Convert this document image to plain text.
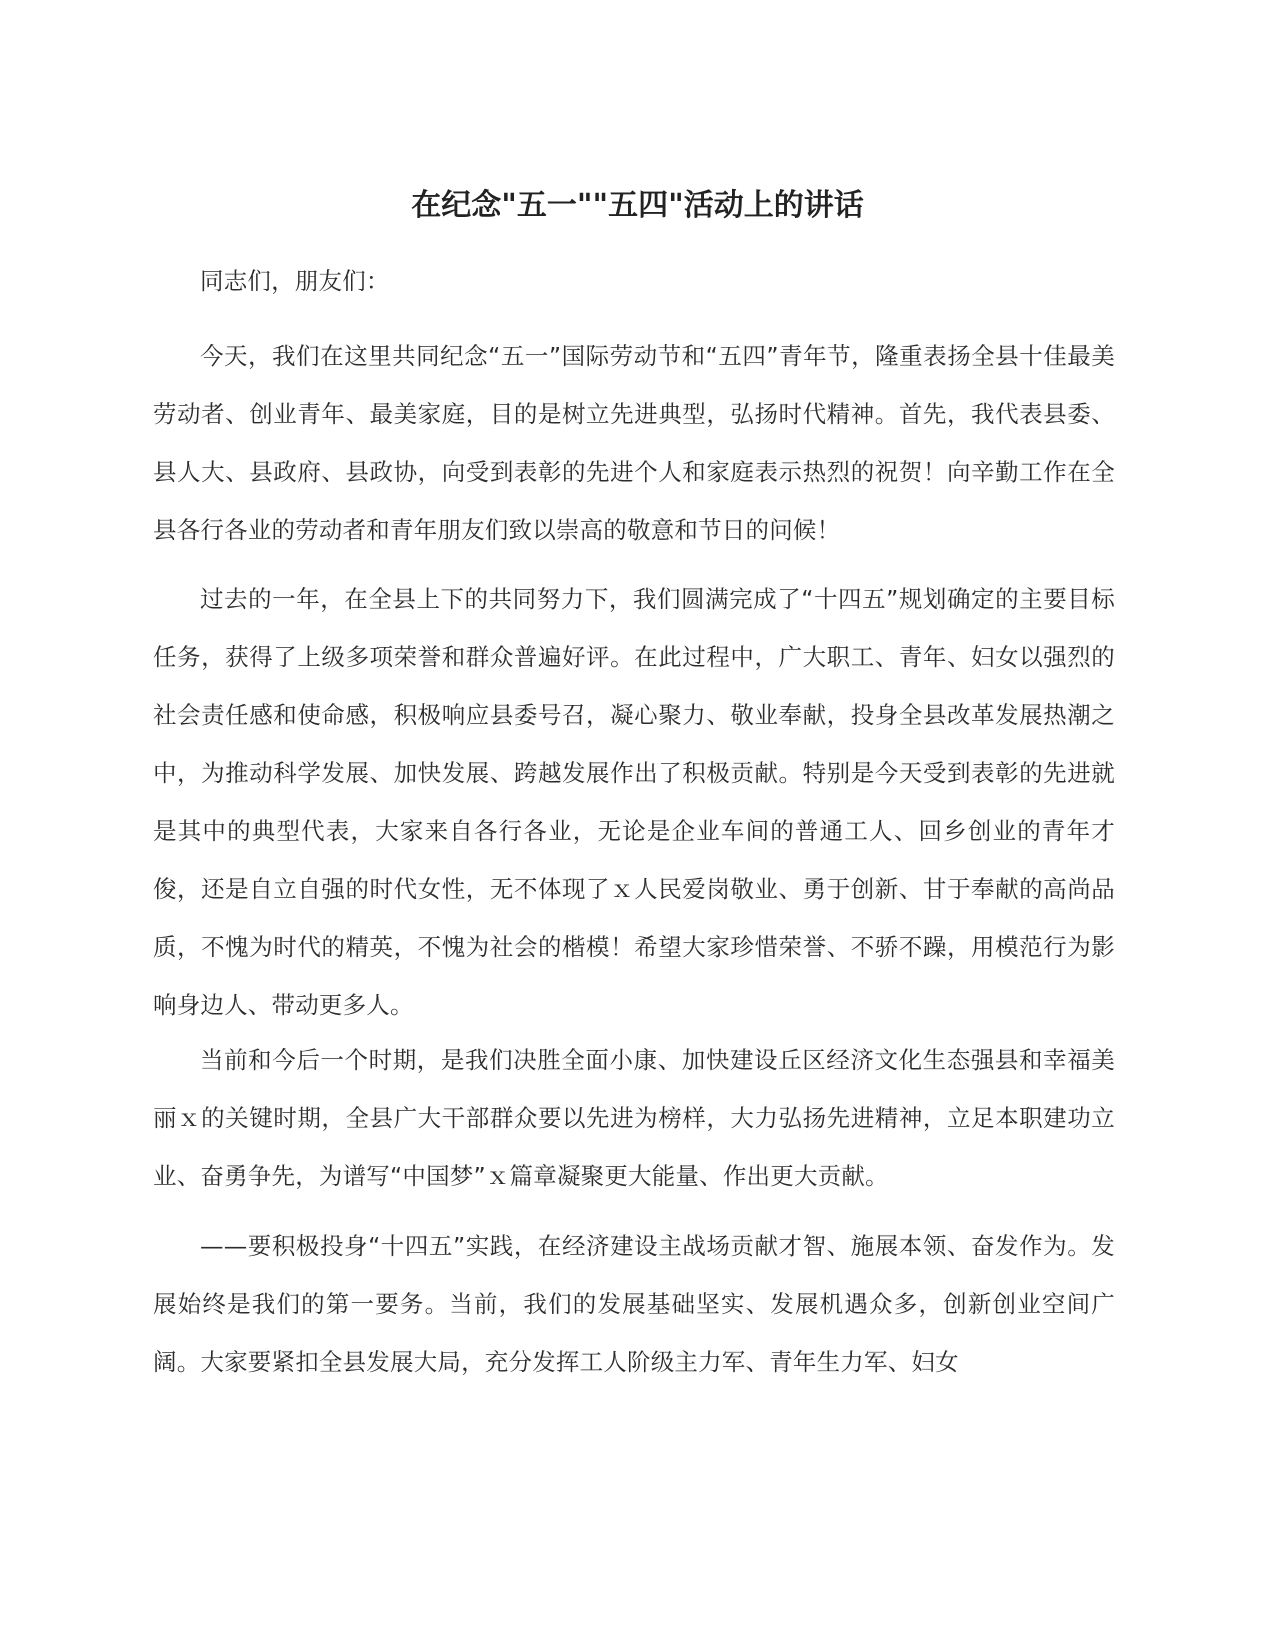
在纪念"五一""五四"活动上的讲话

同志们，朋友们：

今天，我们在这里共同纪念“五一”国际劳动节和“五四”青年节，隆重表扬全县十佳最美劳动者、创业青年、最美家庭，目的是树立先进典型，弘扬时代精神。首先，我代表县委、县人大、县政府、县政协，向受到表彰的先进个人和家庭表示热烈的祝贺！向辛勤工作在全县各行各业的劳动者和青年朋友们致以崇高的敬意和节日的问候！

过去的一年，在全县上下的共同努力下，我们圆满完成了“十四五”规划确定的主要目标任务，获得了上级多项荣誉和群众普遍好评。在此过程中，广大职工、青年、妇女以强烈的社会责任感和使命感，积极响应县委号召，凝心聚力、敬业奉献，投身全县改革发展热潮之中，为推动科学发展、加快发展、跨越发展作出了积极贡献。特别是今天受到表彰的先进就是其中的典型代表，大家来自各行各业，无论是企业车间的普通工人、回乡创业的青年才俊，还是自立自强的时代女性，无不体现了ｘ人民爱岗敬业、勇于创新、甘于奉献的高尚品质，不愧为时代的精英，不愧为社会的楷模！希望大家珍惜荣誉、不骄不躁，用模范行为影响身边人、带动更多人。

当前和今后一个时期，是我们决胜全面小康、加快建设丘区经济文化生态强县和幸福美丽ｘ的关键时期，全县广大干部群众要以先进为榜样，大力弘扬先进精神，立足本职建功立业、奋勇争先，为谱写“中国梦”ｘ篇章凝聚更大能量、作出更大贡献。

——要积极投身“十四五”实践，在经济建设主战场贡献才智、施展本领、奋发作为。发展始终是我们的第一要务。当前，我们的发展基础坚实、发展机遇众多，创新创业空间广阔。大家要紧扣全县发展大局，充分发挥工人阶级主力军、青年生力军、妇女
